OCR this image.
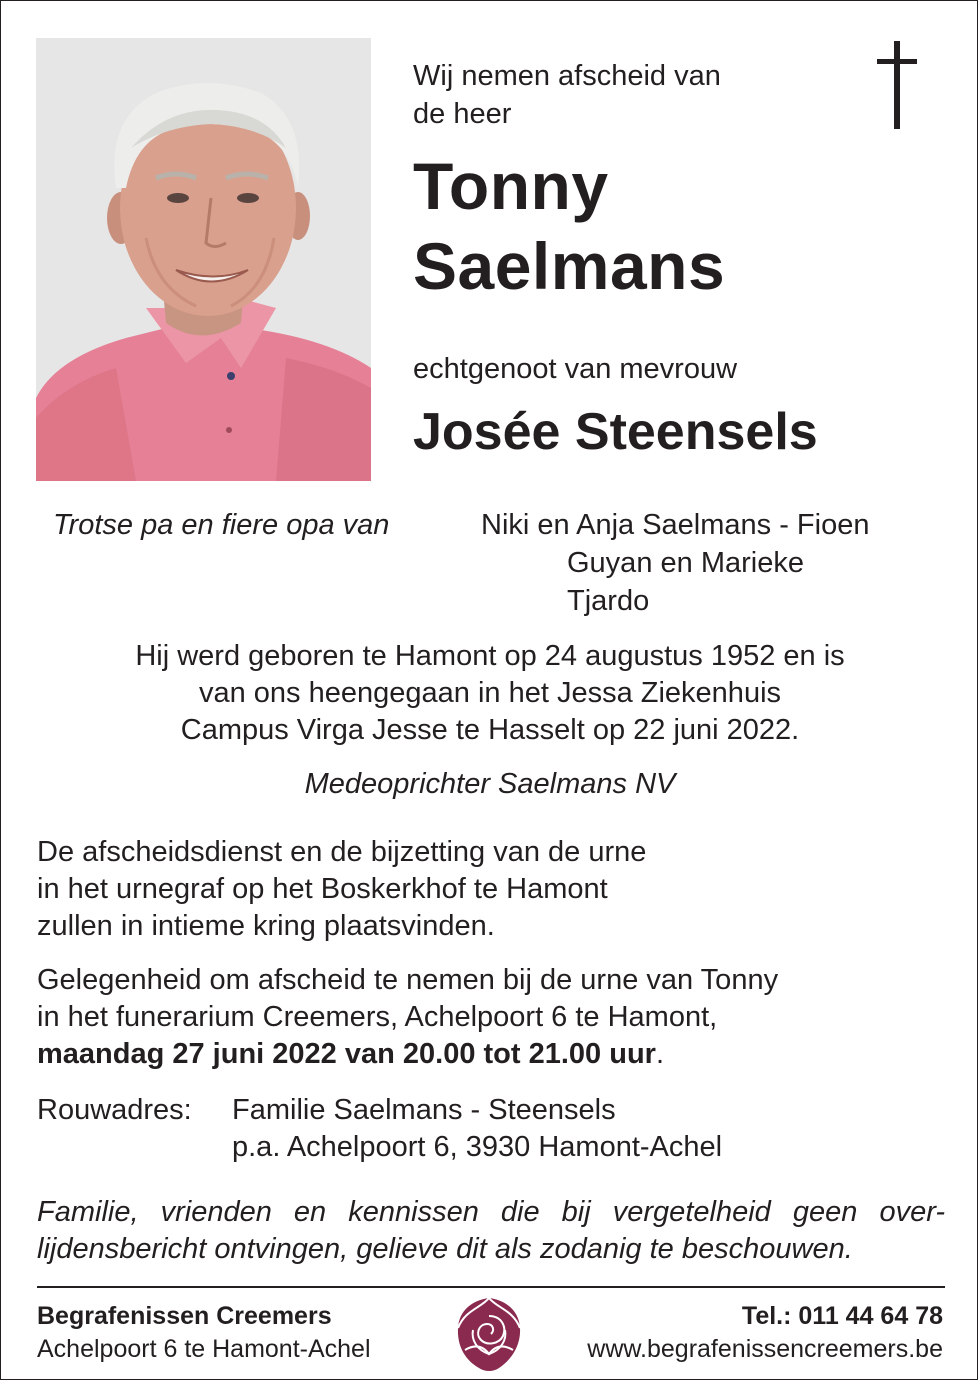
Wij nemen afscheid van
de heer
Tonny
Saelmans
echtgenoot van mevrouw
Josée Steensels
Trotse pa en fiere opa van	Niki en Anja Saelmans - Fioen
Guyan en Marieke
Tjardo
Hij werd geboren te Hamont op 24 augustus 1952 en is
van ons heengegaan in het Jessa Ziekenhuis
Campus Virga Jesse te Hasselt op 22 juni 2022.
Medeoprichter Saelmans NV
De afscheidsdienst en de bijzetting van de urne
in het urnegraf op het Boskerkhof te Hamont
zullen in intieme kring plaatsvinden.
Gelegenheid om afscheid te nemen bij de urne van Tonny
in het funerarium Creemers, Achelpoort 6 te Hamont,
maandag 27 juni 2022 van 20.00 tot 21.00 uur.
Rouwadres: Familie Saelmans - Steensels
p.a. Achelpoort 6, 3930 Hamont-Achel
Familie, vrienden en kennissen die bij vergetelheid geen over-
lijdensbericht ontvingen, gelieve dit als zodanig te beschouwen.
Begrafenissen Creemers
Achelpoort 6 te Hamont-Achel
Tel.: 011 44 64 78
www.begrafenissencreemers.be
